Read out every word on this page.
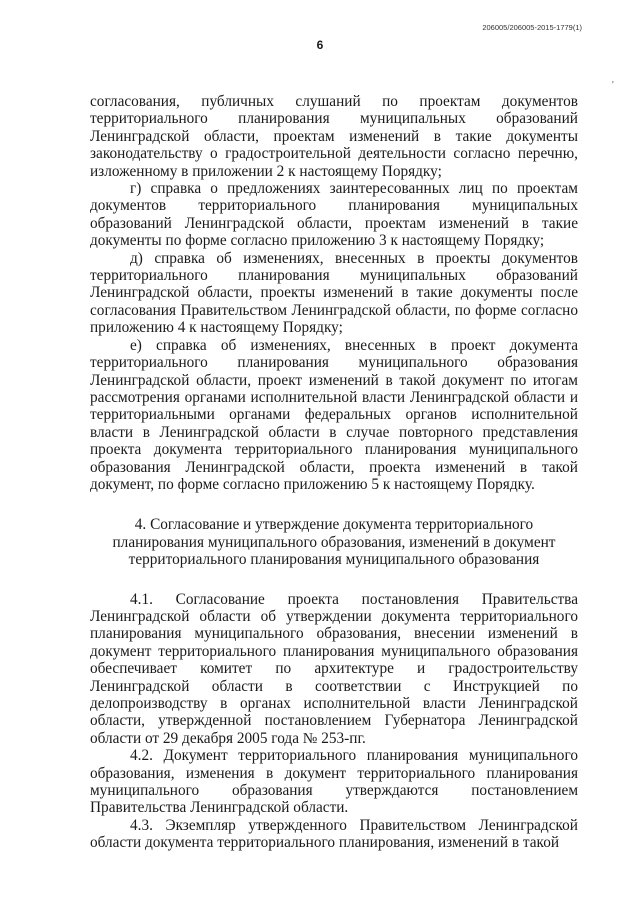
206005/206005-2015-1779(1)
6
'

согласования, публичных слушаний по проектам документов территориального планирования муниципальных образований Ленинградской области, проектам изменений в такие документы законодательству о градостроительной деятельности согласно перечню, изложенному в приложении 2 к настоящему Порядку;

г) справка о предложениях заинтересованных лиц по проектам документов территориального планирования муниципальных образований Ленинградской области, проектам изменений в такие документы по форме согласно приложению 3 к настоящему Порядку;

д) справка об изменениях, внесенных в проекты документов территориального планирования муниципальных образований Ленинградской области, проекты изменений в такие документы после согласования Правительством Ленинградской области, по форме согласно приложению 4 к настоящему Порядку;

е) справка об изменениях, внесенных в проект документа территориального планирования муниципального образования Ленинградской области, проект изменений в такой документ по итогам рассмотрения органами исполнительной власти Ленинградской области и территориальными органами федеральных органов исполнительной власти в Ленинградской области в случае повторного представления проекта документа территориального планирования муниципального образования Ленинградской области, проекта изменений в такой документ, по форме согласно приложению 5 к настоящему Порядку.

4. Согласование и утверждение документа территориального планирования муниципального образования, изменений в документ территориального планирования муниципального образования

4.1. Согласование проекта постановления Правительства Ленинградской области об утверждении документа территориального планирования муниципального образования, внесении изменений в документ территориального планирования муниципального образования обеспечивает комитет по архитектуре и градостроительству Ленинградской области в соответствии с Инструкцией по делопроизводству в органах исполнительной власти Ленинградской области, утвержденной постановлением Губернатора Ленинградской области от 29 декабря 2005 года № 253-пг.

4.2. Документ территориального планирования муниципального образования, изменения в документ территориального планирования муниципального образования утверждаются постановлением Правительства Ленинградской области.

4.3. Экземпляр утвержденного Правительством Ленинградской области документа территориального планирования, изменений в такой
